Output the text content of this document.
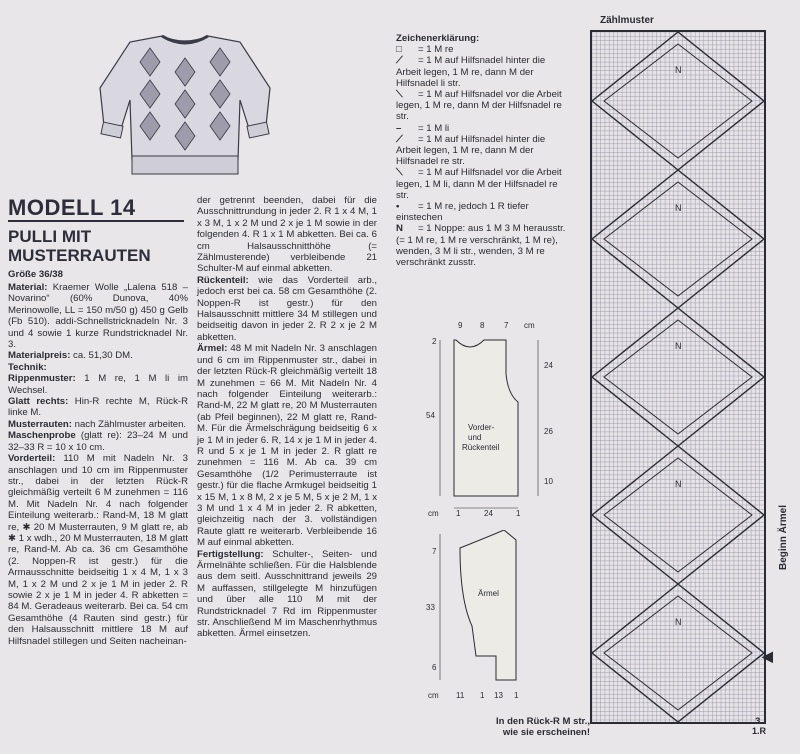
MODELL 14
PULLI MIT
MUSTERRAUTEN
Größe 36/38

Material: Kraemer Wolle „Lalena 518 – Novarino“ (60% Dunova, 40% Merinowolle, LL = 150 m/50 g) 450 g Gelb (Fb 510). addi-Schnellstricknadeln Nr. 3 und 4 sowie 1 kurze Rundstricknadel Nr. 3.

Materialpreis: ca. 51,30 DM.

Technik:

Rippenmuster: 1 M re, 1 M li im Wechsel.

Glatt rechts: Hin-R rechte M, Rück-R linke M.

Musterrauten: nach Zählmuster arbeiten.

Maschenprobe (glatt re): 23–24 M und 32–33 R = 10 x 10 cm.

Vorderteil: 110 M mit Nadeln Nr. 3 anschlagen und 10 cm im Rippenmuster str., dabei in der letzten Rück-R gleichmäßig verteilt 6 M zunehmen = 116 M. Mit Nadeln Nr. 4 nach folgender Einteilung weiterarb.: Rand-M, 18 M glatt re, ✱ 20 M Musterrauten, 9 M glatt re, ab ✱ 1 x wdh., 20 M Musterrauten, 18 M glatt re, Rand-M. Ab ca. 36 cm Gesamthöhe (2. Noppen-R ist gestr.) für die Armausschnitte beidseitig 1 x 4 M, 1 x 3 M, 1 x 2 M und 2 x je 1 M in jeder 2. R sowie 2 x je 1 M in jeder 4. R abketten = 84 M. Geradeaus weiterarb. Bei ca. 54 cm Gesamthöhe (4 Rauten sind gestr.) für den Halsausschnitt mittlere 18 M auf Hilfsnadel stillegen und Seiten nacheinan-

der getrennt beenden, dabei für die Ausschnittrundung in jeder 2. R 1 x 4 M, 1 x 3 M, 1 x 2 M und 2 x je 1 M sowie in der folgenden 4. R 1 x 1 M abketten. Bei ca. 6 cm Halsausschnitthöhe (= Zählmusterende) verbleibende 21 Schulter-M auf einmal abketten.

Rückenteil: wie das Vorderteil arb., jedoch erst bei ca. 58 cm Gesamthöhe (2. Noppen-R ist gestr.) für den Halsausschnitt mittlere 34 M stillegen und beidseitig davon in jeder 2. R 2 x je 2 M abketten.

Ärmel: 48 M mit Nadeln Nr. 3 anschlagen und 6 cm im Rippenmuster str., dabei in der letzten Rück-R gleichmäßig verteilt 18 M zunehmen = 66 M. Mit Nadeln Nr. 4 nach folgender Einteilung weiterarb.: Rand-M, 22 M glatt re, 20 M Musterrauten (ab Pfeil beginnen), 22 M glatt re, Rand-M. Für die Ärmelschrägung beidseitig 6 x je 1 M in jeder 6. R, 14 x je 1 M in jeder 4. R und 5 x je 1 M in jeder 2. R glatt re zunehmen = 116 M. Ab ca. 39 cm Gesamthöhe (1/2 Perimusterraute ist gestr.) für die flache Armkugel beidseitig 1 x 15 M, 1 x 8 M, 2 x je 5 M, 5 x je 2 M, 1 x 3 M und 1 x 4 M in jeder 2. R abketten, gleichzeitig nach der 3. vollständigen Raute glatt re weiterarb. Verbleibende 16 M auf einmal abketten.

Fertigstellung: Schulter-, Seiten- und Ärmelnähte schließen. Für die Halsblende aus dem seitl. Ausschnittrand jeweils 29 M auffassen, stillgelegte M hinzufügen und über alle 110 M mit der Rundstricknadel 7 Rd im Rippenmuster str. Anschließend M im Maschenrhythmus abketten. Ärmel einsetzen.

Zeichenerklärung:
□ = 1 M re
⟋ = 1 M auf Hilfsnadel hinter die Arbeit legen, 1 M re, dann M der Hilfsnadel li str.
⟍ = 1 M auf Hilfsnadel vor die Arbeit legen, 1 M re, dann M der Hilfsnadel re str.
– = 1 M li
⟋ = 1 M auf Hilfsnadel hinter die Arbeit legen, 1 M re, dann M der Hilfsnadel re str.
⟍ = 1 M auf Hilfsnadel vor die Arbeit legen, 1 M li, dann M der Hilfsnadel re str.
• = 1 M re, jedoch 1 R tiefer einstechen
N = 1 Noppe: aus 1 M 3 M herausstr. (= 1 M re, 1 M re verschränkt, 1 M re), wenden, 3 M li str., wenden, 3 M re verschränkt zusstr.
9 8 7 cm
2
54
24
26
10
Vorder-
und
Rückenteil
cm 1	24	1
7
33
6
Ärmel
cm 11 1 13 1
Zählmuster
N
N
N
N
N
◀
Beginn Ärmel
3.
1.R
In den Rück-R M str.,
wie sie erscheinen!
